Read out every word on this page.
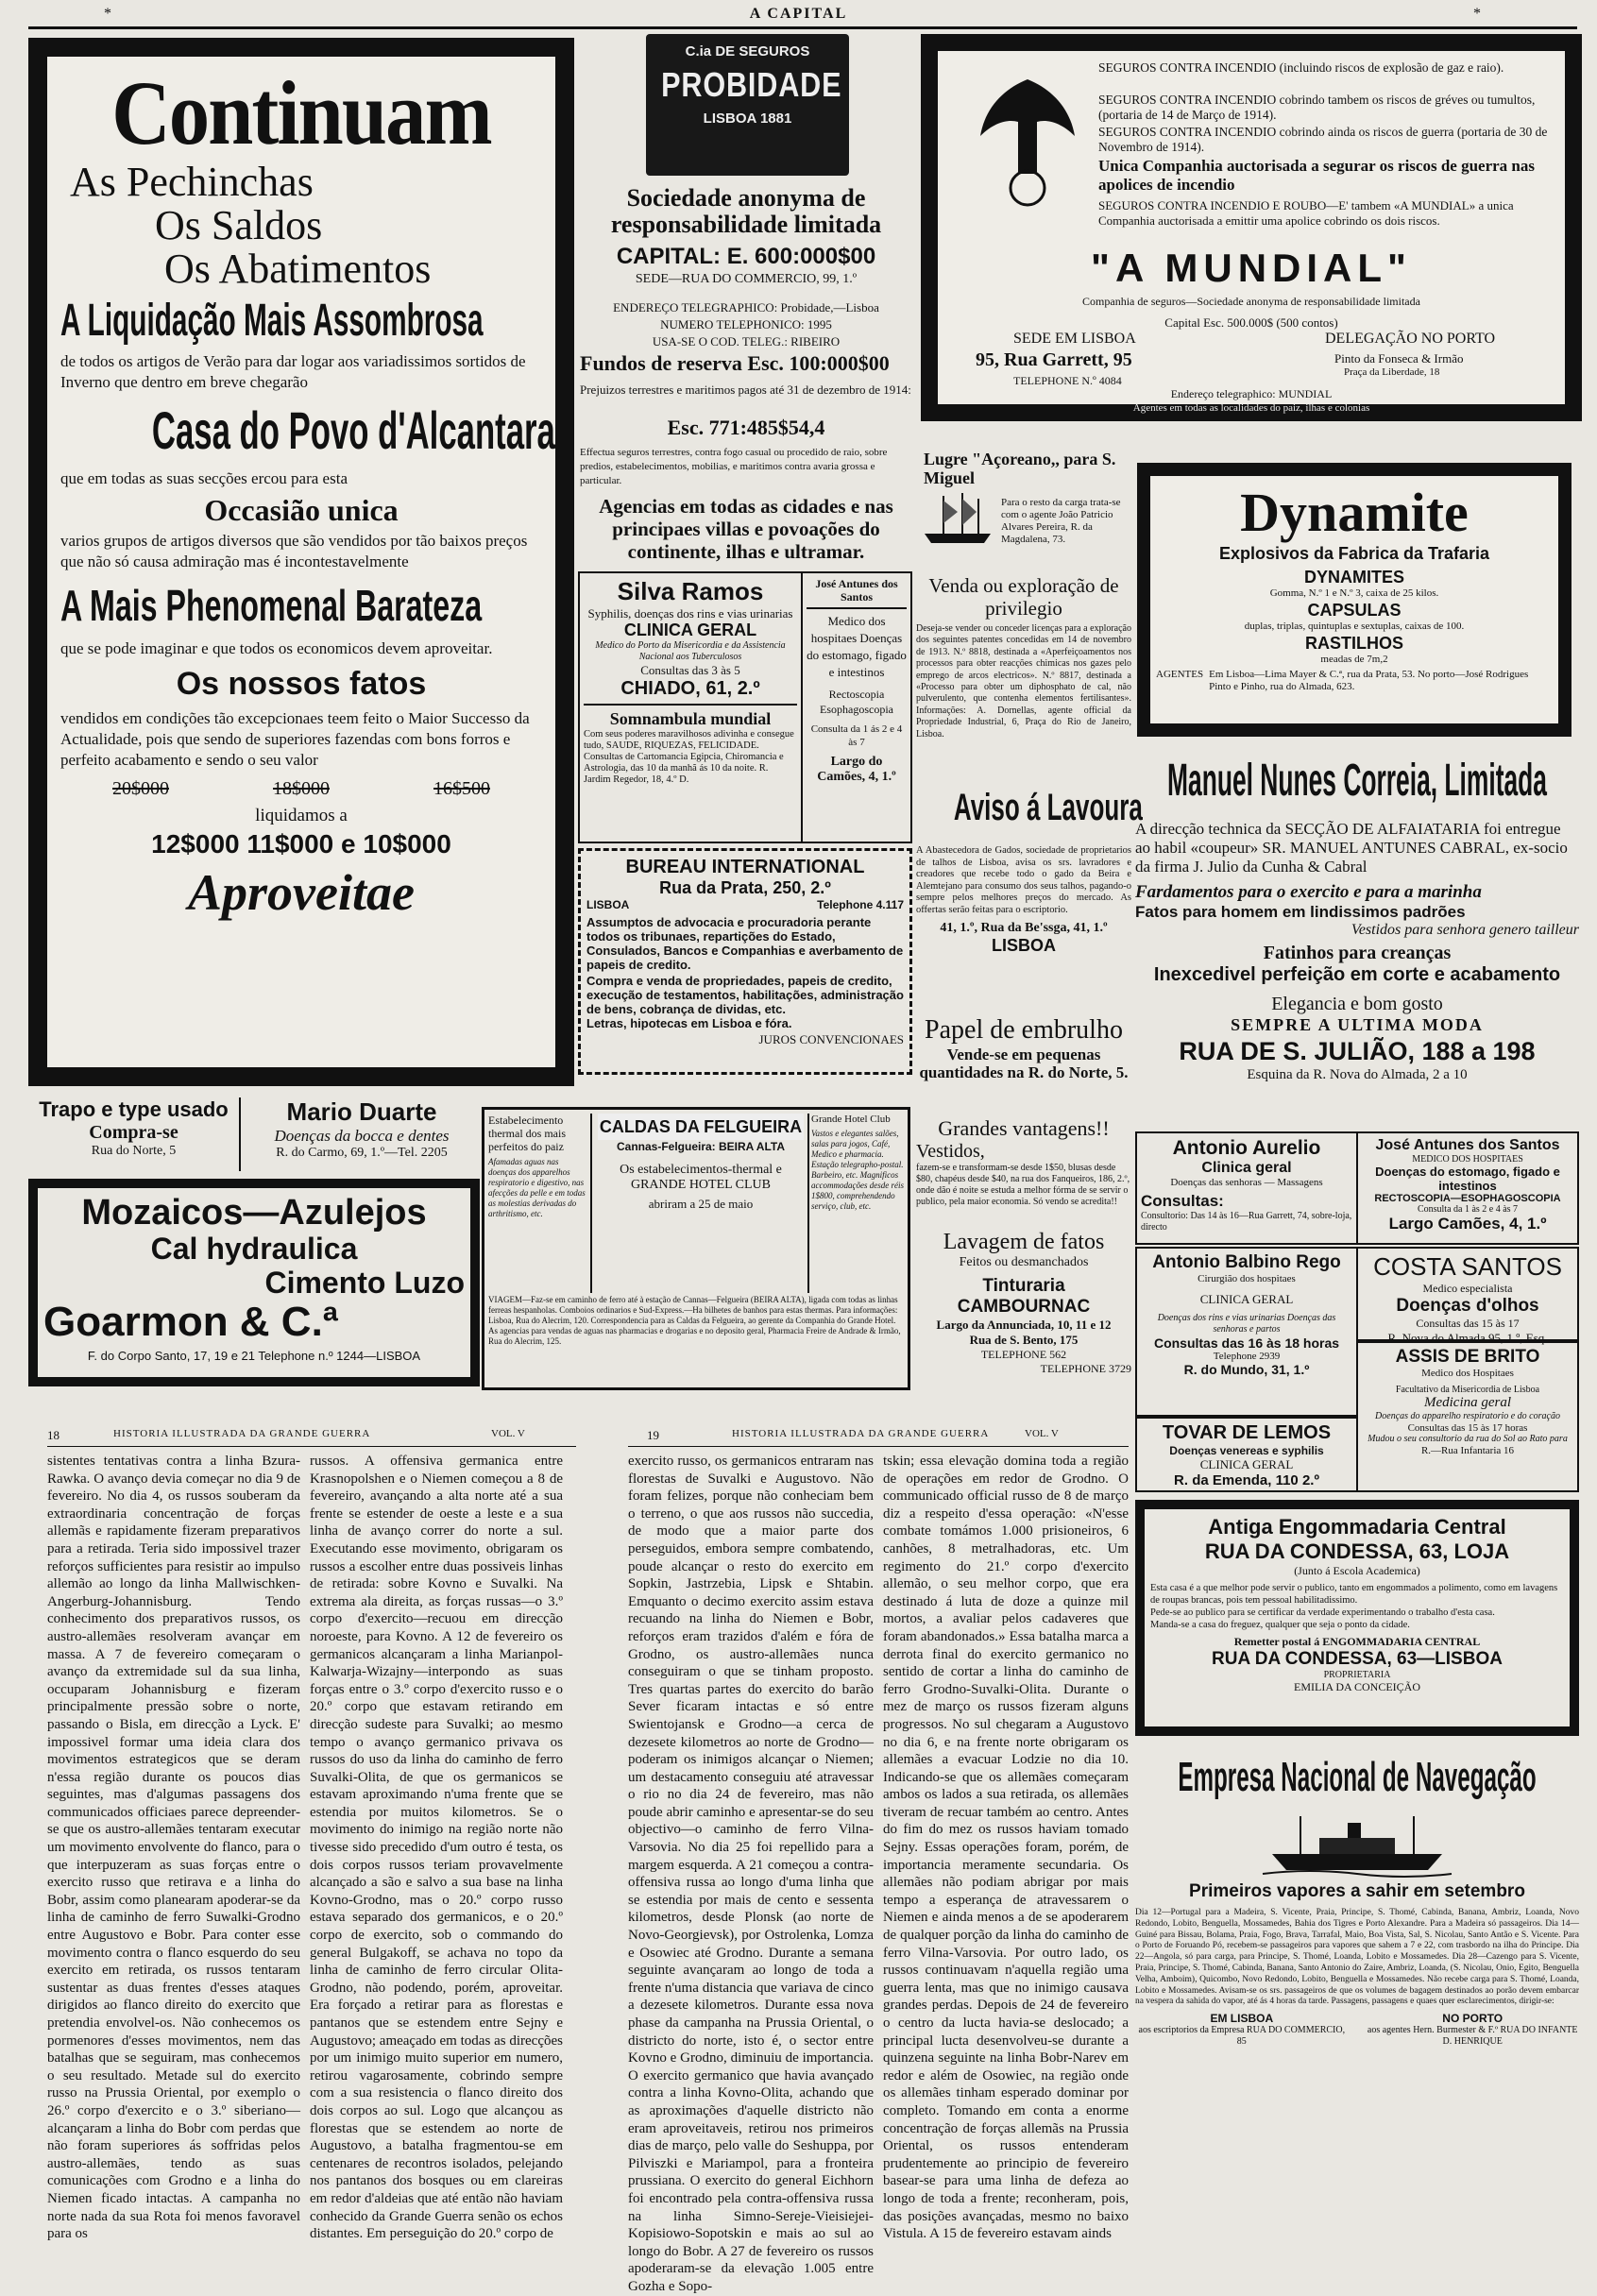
*	A CAPITAL	*
Continuam
As Pechinchas
Os Saldos
Os Abatimentos
A Liquidação Mais Assombrosa
de todos os artigos de Verão para dar logar aos variadissimos sortidos de Inverno que dentro em breve chegarão
Casa do Povo d'Alcantara
que em todas as suas secções ercou para esta
Occasião unica
varios grupos de artigos diversos que são vendidos por tão baixos preços que não só causa admiração mas é incontestavelmente
A Mais Phenomenal Barateza
que se pode imaginar e que todos os economicos devem aproveitar.
Os nossos fatos
vendidos em condições tão excepcionaes teem feito o Maior Successo da Actualidade, pois que sendo de superiores fazendas com bons forros e perfeito acabamento e sendo o seu valor
20$000	18$000	16$500
liquidamos a
12$000 11$000 e 10$000
Aproveitae
C.ia DE SEGUROS
PROBIDADE
LISBOA 1881
Sociedade anonyma de responsabilidade limitada
CAPITAL: E. 600:000$00
SEDE—RUA DO COMMERCIO, 99, 1.º
ENDEREÇO TELEGRAPHICO: Probidade,—Lisboa
NUMERO TELEPHONICO: 1995
USA-SE O COD. TELEG.: RIBEIRO
Fundos de reserva Esc. 100:000$00
Prejuizos terrestres e maritimos pagos até 31 de dezembro de 1914:
Esc. 771:485$54,4
Effectua seguros terrestres, contra fogo casual ou procedido de raio, sobre predios, estabelecimentos, mobilias, e maritimos contra avaria grossa e particular.
Agencias em todas as cidades e nas principaes villas e povoações do continente, ilhas e ultramar.
SEGUROS CONTRA INCENDIO (incluindo riscos de explosão de gaz e raio).
SEGUROS CONTRA INCENDIO cobrindo tambem os riscos de gréves ou tumultos, (portaria de 14 de Março de 1914).
SEGUROS CONTRA INCENDIO cobrindo ainda os riscos de guerra (portaria de 30 de Novembro de 1914).
Unica Companhia auctorisada a segurar os riscos de guerra nas apolices de incendio
SEGUROS CONTRA INCENDIO E ROUBO—E' tambem «A MUNDIAL» a unica Companhia auctorisada a emittir uma apolice cobrindo os dois riscos.
"A MUNDIAL"
Companhia de seguros—Sociedade anonyma de responsabilidade limitada
Capital Esc. 500.000$ (500 contos)
SEDE EM LISBOA
95, Rua Garrett, 95
TELEPHONE N.º 4084
DELEGAÇÃO NO PORTO
Pinto da Fonseca & Irmão
Praça da Liberdade, 18
Endereço telegraphico: MUNDIAL
Agentes em todas as localidades do paiz, ilhas e colonias
Lugre "Açoreano,, para S. Miguel
Para o resto da carga trata-se com o agente João Patricio Alvares Pereira, R. da Magdalena, 73.	Dynamite
Explosivos da Fabrica da Trafaria
DYNAMITES
Gomma, N.º 1 e N.º 3, caixa de 25 kilos.
CAPSULAS
duplas, triplas, quintuplas e sextuplas, caixas de 100.
RASTILHOS
meadas de 7m,2
AGENTES Em Lisboa—Lima Mayer & C.ª, rua da Prata, 53. No porto—José Rodrigues Pinto e Pinho, rua do Almada, 623.
Silva Ramos
Syphilis, doenças dos rins e vias urinarias
CLINICA GERAL
Medico do Porto da Misericordia e da Assistencia Nacional aos Tuberculosos
Consultas das 3 às 5
CHIADO, 61, 2.º
Somnambula mundial
Com seus poderes maravilhosos adivinha e consegue tudo, SAUDE, RIQUEZAS, FELICIDADE. Consultas de Cartomancia Egipcia, Chiromancia e Astrologia, das 10 da manhã ás 10 da noite. R. Jardim Regedor, 18, 4.º D.
José Antunes dos Santos
Medico dos hospitaes Doenças do estomago, figado e intestinos
Rectoscopia Esophagoscopia
Consulta da 1 ás 2 e 4 às 7
Largo do Camões, 4, 1.º
Venda ou exploração de privilegio
Deseja-se vender ou conceder licenças para a exploração dos seguintes patentes concedidas em 14 de novembro de 1913. N.º 8818, destinada a «Aperfeiçoamentos nos processos para obter reacções chimicas nos gazes pelo emprego de arcos electricos». N.º 8817, destinada a «Processo para obter um diphosphato de cal, não pulverulento, que contenha elementos fertilisantes». Informações: A. Dornellas, agente official da Propriedade Industrial, 6, Praça do Rio de Janeiro, Lisboa.
BUREAU INTERNATIONAL
Rua da Prata, 250, 2.º
LISBOA	Telephone 4.117
Assumptos de advocacia e procuradoria perante todos os tribunaes, repartições do Estado, Consulados, Bancos e Companhias e averbamento de papeis de credito.
Compra e venda de propriedades, papeis de credito, execução de testamentos, habilitações, administração de bens, cobrança de dividas, etc.
Letras, hipotecas em Lisboa e fóra.
JUROS CONVENCIONAES
Aviso á Lavoura
A Abastecedora de Gados, sociedade de proprietarios de talhos de Lisboa, avisa os srs. lavradores e creadores que recebe todo o gado da Beira e Alemtejano para consumo dos seus talhos, pagando-o sempre pelos melhores preços do mercado. As offertas serão feitas para o escriptorio.
41, 1.º, Rua da Be'ssga, 41, 1.º
LISBOA
Papel de embrulho
Vende-se em pequenas quantidades na R. do Norte, 5.
Manuel Nunes Correia, Limitada
A direcção technica da SECÇÃO DE ALFAIATARIA foi entregue ao habil «coupeur» SR. MANUEL ANTUNES CABRAL, ex-socio da firma J. Julio da Cunha & Cabral
Fardamentos para o exercito e para a marinha
Fatos para homem em lindissimos padrões
Vestidos para senhora genero tailleur
Fatinhos para creanças
Inexcedivel perfeição em corte e acabamento
Elegancia e bom gosto
SEMPRE A ULTIMA MODA
RUA DE S. JULIÃO, 188 a 198
Esquina da R. Nova do Almada, 2 a 10
Trapo e type usado
Compra-se
Rua do Norte, 5
Mario Duarte
Doenças da bocca e dentes
R. do Carmo, 69, 1.º—Tel. 2205
Mozaicos—Azulejos
Cal hydraulica
Cimento Luzo
Goarmon & C.ª
F. do Corpo Santo, 17, 19 e 21 Telephone n.º 1244—LISBOA
Estabelecimento thermal dos mais perfeitos do paiz
Afamadas aguas nas doenças dos apparelhos respiratorio e digestivo, nas afecções da pelle e em todas as molestias derivadas do arthritismo, etc.
CALDAS DA FELGUEIRA
Cannas-Felgueira: BEIRA ALTA
Os estabelecimentos-thermal e GRANDE HOTEL CLUB
abriram a 25 de maio
Grande Hotel Club
Vastos e elegantes salões, salas para jogos, Café, Medico e pharmacia. Estação telegrapho-postal. Barbeiro, etc. Magnificos accommodações desde réis 1$800, comprehendendo serviço, club, etc.
VIAGEM—Faz-se em caminho de ferro até à estação de Cannas—Felgueira (BEIRA ALTA), ligada com todas as linhas ferreas hespanholas. Comboios ordinarios e Sud-Express.—Ha bilhetes de banhos para estas thermas. Para informações: Lisboa, Rua do Alecrim, 120. Correspondencia para as Caldas da Felgueira, ao gerente da Companhia do Grande Hotel. As agencias para vendas de aguas nas pharmacias e drogarias e no deposito geral, Pharmacia Freire de Andrade & Irmão, Rua do Alecrim, 125.
Grandes vantagens!!
Vestidos,
fazem-se e transformam-se desde 1$50, blusas desde $80, chapéus desde $40, na rua dos Fanqueiros, 186, 2.º, onde dão é noite se estuda a melhor fórma de se servir o publico, pela maior economia. Só vendo se acredita!!
Lavagem de fatos
Feitos ou desmanchados
Tinturaria CAMBOURNAC
Largo da Annunciada, 10, 11 e 12
Rua de S. Bento, 175
TELEPHONE 562
TELEPHONE 3729
Antonio Aurelio
Clinica geral
Doenças das senhoras — Massagens
Consultas:
Consultorio: Das 14 às 16—Rua Garrett, 74, sobre-loja, directo
José Antunes dos Santos
MEDICO DOS HOSPITAES
Doenças do estomago, figado e intestinos
RECTOSCOPIA—ESOPHAGOSCOPIA
Consulta da 1 às 2 e 4 às 7
Largo Camões, 4, 1.º
Antonio Balbino Rego
Cirurgião dos hospitaes
CLINICA GERAL
Doenças dos rins e vias urinarias Doenças das senhoras e partos
Consultas das 16 às 18 horas
Telephone 2939
R. do Mundo, 31, 1.º
COSTA SANTOS
Medico especialista
Doenças d'olhos
Consultas das 15 às 17
R. Nova do Almada 95, 1.º, Esq.
ASSIS DE BRITO
Medico dos Hospitaes
Facultativo da Misericordia de Lisboa
Medicina geral
Doenças do apparelho respiratorio e do coração
Consultas das 15 às 17 horas
Mudou o seu consultorio da rua do Sol ao Rato para
R.—Rua Infantaria 16
TOVAR DE LEMOS
Doenças venereas e syphilis
CLINICA GERAL
R. da Emenda, 110 2.º
Antiga Engommadaria Central
RUA DA CONDESSA, 63, LOJA
(Junto á Escola Academica)
Esta casa é a que melhor pode servir o publico, tanto em engommados a polimento, como em lavagens de roupas brancas, pois tem pessoal habilitadissimo.
Pede-se ao publico para se certificar da verdade experimentando o trabalho d'esta casa.
Manda-se a casa do freguez, qualquer que seja o ponto da cidade.
Remetter postal á ENGOMMADARIA CENTRAL
RUA DA CONDESSA, 63—LISBOA
PROPRIETARIA
EMILIA DA CONCEIÇÃO
Empresa Nacional de Navegação
Primeiros vapores a sahir em setembro
Dia 12—Portugal para a Madeira, S. Vicente, Praia, Principe, S. Thomé, Cabinda, Banana, Ambriz, Loanda, Novo Redondo, Lobito, Benguella, Mossamedes, Bahia dos Tigres e Porto Alexandre. Para a Madeira só passageiros. Dia 14—Guiné para Bissau, Bolama, Praia, Fogo, Brava, Tarrafal, Maio, Boa Vista, Sal, S. Nicolau, Santo Antão e S. Vicente. Para o Porto de Foruando Pó, recebem-se passageiros para vapores que sahem a 7 e 22, com trasbordo na ilha do Principe. Dia 22—Angola, só para carga, para Principe, S. Thomé, Loanda, Lobito e Mossamedes. Dia 28—Cazengo para S. Vicente, Praia, Principe, S. Thomé, Cabinda, Banana, Santo Antonio do Zaire, Ambriz, Loanda, (S. Nicolau, Onio, Egito, Benguella Velha, Amboim), Quicombo, Novo Redondo, Lobito, Benguella e Mossamedes. Não recebe carga para S. Thomé, Loanda, Lobito e Mossamedes. Avisam-se os srs. passageiros de que os volumes de bagagem destinados ao porão devem embarcar na vespera da sahida do vapor, até ás 4 horas da tarde. Passagens, passagens e quaes quer esclarecimentos, dirigir-se:
EM LISBOA
aos escriptorios da Empresa RUA DO COMMERCIO, 85
NO PORTO
aos agentes Hern. Burmester & F.º RUA DO INFANTE D. HENRIQUE
18	HISTORIA ILLUSTRADA DA GRANDE GUERRA	VOL. V
sistentes tentativas contra a linha Bzura-Rawka. O avanço devia começar no dia 9 de fevereiro. No dia 4, os russos souberam da extraordinaria concentração de forças allemãs e rapidamente fizeram preparativos para a retirada. Teria sido impossivel trazer reforços sufficientes para resistir ao impulso allemão ao longo da linha Mallwischken-Angerburg-Johannisburg. Tendo conhecimento dos preparativos russos, os austro-allemães resolveram avançar em massa. A 7 de fevereiro começaram o avanço da extremidade sul da sua linha, occuparam Johannisburg e fizeram principalmente pressão sobre o norte, passando o Bisla, em direcção a Lyck. E' impossivel formar uma ideia clara dos movimentos estrategicos que se deram n'essa região durante os poucos dias seguintes, mas d'algumas passagens dos communicados officiaes parece depreender-se que os austro-allemães tentaram executar um movimento envolvente do flanco, para o que interpuzeram as suas forças entre o exercito russo que retirava e a linha do Bobr, assim como planearam apoderar-se da linha de caminho de ferro Suwalki-Grodno entre Augustovo e Bobr. Para conter esse movimento contra o flanco esquerdo do seu exercito em retirada, os russos tentaram sustentar as duas frentes d'esses ataques dirigidos ao flanco direito do exercito que pretendia envolvel-os. Não conhecemos os pormenores d'esses movimentos, nem das batalhas que se seguiram, mas conhecemos o seu resultado. Metade sul do exercito russo na Prussia Oriental, por exemplo o 26.º corpo d'exercito e o 3.º siberiano—alcançaram a linha do Bobr com perdas que não foram superiores ás soffridas pelos austro-allemães, tendo as suas comunicações com Grodno e a linha do Niemen ficado intactas. A campanha no norte nada da sua Rota foi menos favoravel para os
russos. A offensiva germanica entre Krasnopolshen e o Niemen começou a 8 de fevereiro, avançando a alta norte até a sua frente se estender de oeste a leste e a sua linha de avanço correr do norte a sul. Executando esse movimento, obrigaram os russos a escolher entre duas possiveis linhas de retirada: sobre Kovno e Suvalki. Na extrema ala direita, as forças russas—o 3.º corpo d'exercito—recuou em direcção noroeste, para Kovno. A 12 de fevereiro os germanicos alcançaram a linha Marianpol-Kalwarja-Wizajny—interpondo as suas forças entre o 3.º corpo d'exercito russo e o 20.º corpo que estavam retirando em direcção sudeste para Suvalki; ao mesmo tempo o avanço germanico privava os russos do uso da linha do caminho de ferro Suvalki-Olita, de que os germanicos se estavam aproximando n'uma frente que se estendia por muitos kilometros. Se o movimento do inimigo na região norte não tivesse sido precedido d'um outro é testa, os dois corpos russos teriam provavelmente alcançado a são e salvo a sua base na linha Kovno-Grodno, mas o 20.º corpo russo estava separado dos germanicos, e o 20.º corpo de exercito, sob o commando do general Bulgakoff, se achava no topo da linha de caminho de ferro circular Olita-Grodno, não podendo, porém, aproveitar. Era forçado a retirar para as florestas e pantanos que se estendem entre Sejny e Augustovo; ameaçado em todas as direcções por um inimigo muito superior em numero, retirou vagarosamente, cobrindo sempre com a sua resistencia o flanco direito dos dois corpos ao sul. Logo que alcançou as florestas que se estendem ao norte de Augustovo, a batalha fragmentou-se em centenares de recontros isolados, pelejando nos pantanos dos bosques ou em clareiras em redor d'aldeias que até então não haviam conhecido da Grande Guerra senão os echos distantes. Em perseguição do 20.º corpo de
19	HISTORIA ILLUSTRADA DA GRANDE GUERRA	VOL. V
exercito russo, os germanicos entraram nas florestas de Suvalki e Augustovo. Não foram felizes, porque não conheciam bem o terreno, o que aos russos não succedia, de modo que a maior parte dos perseguidos, embora sempre combatendo, poude alcançar o resto do exercito em Sopkin, Jastrzebia, Lipsk e Shtabin. Emquanto o decimo exercito assim estava recuando na linha do Niemen e Bobr, reforços eram trazidos d'além e fóra de Grodno, os austro-allemães nunca conseguiram o que se tinham proposto. Tres quartas partes do exercito do barão Sever ficaram intactas e só entre Swientojansk e Grodno—a cerca de dezesete kilometros ao norte de Grodno—poderam os inimigos alcançar o Niemen; um destacamento conseguiu até atravessar o rio no dia 24 de fevereiro, mas não poude abrir caminho e apresentar-se do seu objectivo—o caminho de ferro Vilna-Varsovia. No dia 25 foi repellido para a margem esquerda. A 21 começou a contra-offensiva russa ao longo d'uma linha que se estendia por mais de cento e sessenta kilometros, desde Plonsk (ao norte de Novo-Georgievsk), por Ostrolenka, Lomza e Osowiec até Grodno. Durante a semana seguinte avançaram ao longo de toda a frente n'uma distancia que variava de cinco a dezesete kilometros. Durante essa nova phase da campanha na Prussia Oriental, o districto do norte, isto é, o sector entre Kovno e Grodno, diminuiu de importancia. O exercito germanico que havia avançado contra a linha Kovno-Olita, achando que as aproximações d'aquelle districto não eram aproveitaveis, retirou nos primeiros dias de março, pelo valle do Seshuppa, por Pilviszki e Mariampol, para a fronteira prussiana. O exercito do general Eichhorn foi encontrado pela contra-offensiva russa na linha Simno-Sereje-Vieisiejei-Kopisiowo-Sopotskin e mais ao sul ao longo do Bobr. A 27 de fevereiro os russos apoderaram-se da elevação 1.005 entre Gozha e Sopo-
tskin; essa elevação domina toda a região de operações em redor de Grodno. O communicado official russo de 8 de março diz a respeito d'essa operação: «N'esse combate tomámos 1.000 prisioneiros, 6 canhões, 8 metralhadoras, etc. Um regimento do 21.º corpo d'exercito allemão, o seu melhor corpo, que era destinado á luta de doze a quinze mil mortos, a avaliar pelos cadaveres que foram abandonados.» Essa batalha marca a derrota final do exercito germanico no sentido de cortar a linha do caminho de ferro Grodno-Suvalki-Olita. Durante o mez de março os russos fizeram alguns progressos. No sul chegaram a Augustovo no dia 6, e na frente norte obrigaram os allemães a evacuar Lodzie no dia 10. Indicando-se que os allemães começaram ambos os lados a sua retirada, os allemães tiveram de recuar também ao centro. Antes do fim do mez os russos haviam tomado Sejny. Essas operações foram, porém, de importancia meramente secundaria. Os allemães não podiam abrigar por mais tempo a esperança de atravessarem o Niemen e ainda menos a de se apoderarem de qualquer porção da linha do caminho de ferro Vilna-Varsovia. Por outro lado, os russos continuavam n'aquella região uma guerra lenta, mas que no inimigo causava grandes perdas. Depois de 24 de fevereiro o centro da lucta havia-se deslocado; a principal lucta desenvolveu-se durante a quinzena seguinte na linha Bobr-Narev em redor e além de Osowiec, na região onde os allemães tinham esperado dominar por completo. Tomando em conta a enorme concentração de forças allemãs na Prussia Oriental, os russos entenderam prudentemente ao principio de fevereiro basear-se para uma linha de defeza ao longo de toda a frente; reconheram, pois, das posições avançadas, mesmo no baixo Vistula. A 15 de fevereiro estavam ainds
